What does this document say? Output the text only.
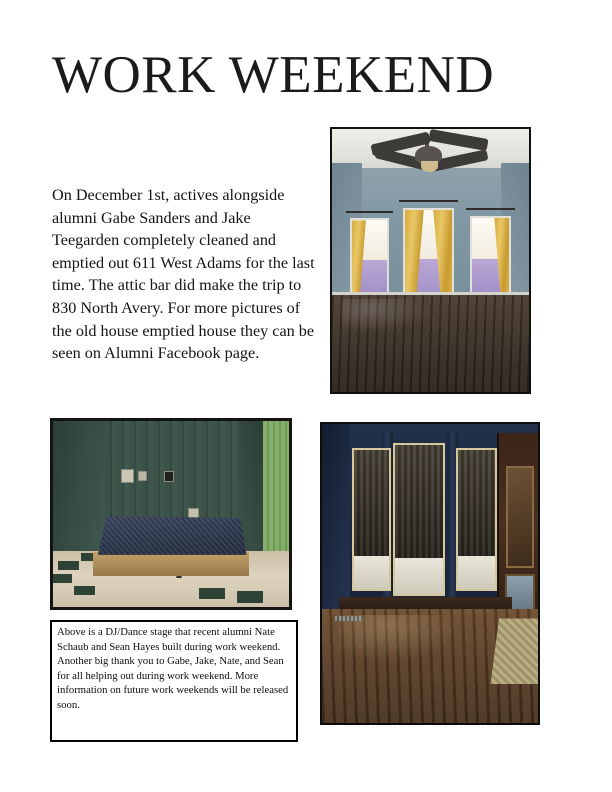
WORK WEEKEND
On December 1st, actives alongside alumni Gabe Sanders and Jake Teegarden completely cleaned and emptied out 611 West Adams for the last time. The attic bar did make the trip to 830 North Avery. For more pictures of the old house emptied house they can be seen on Alumni Facebook page.
Above is a DJ/Dance stage that recent alumni Nate Schaub and Sean Hayes built during work weekend. Another big thank you to Gabe, Jake, Nate, and Sean for all helping out during work weekend. More information on future work weekends will be released soon.
